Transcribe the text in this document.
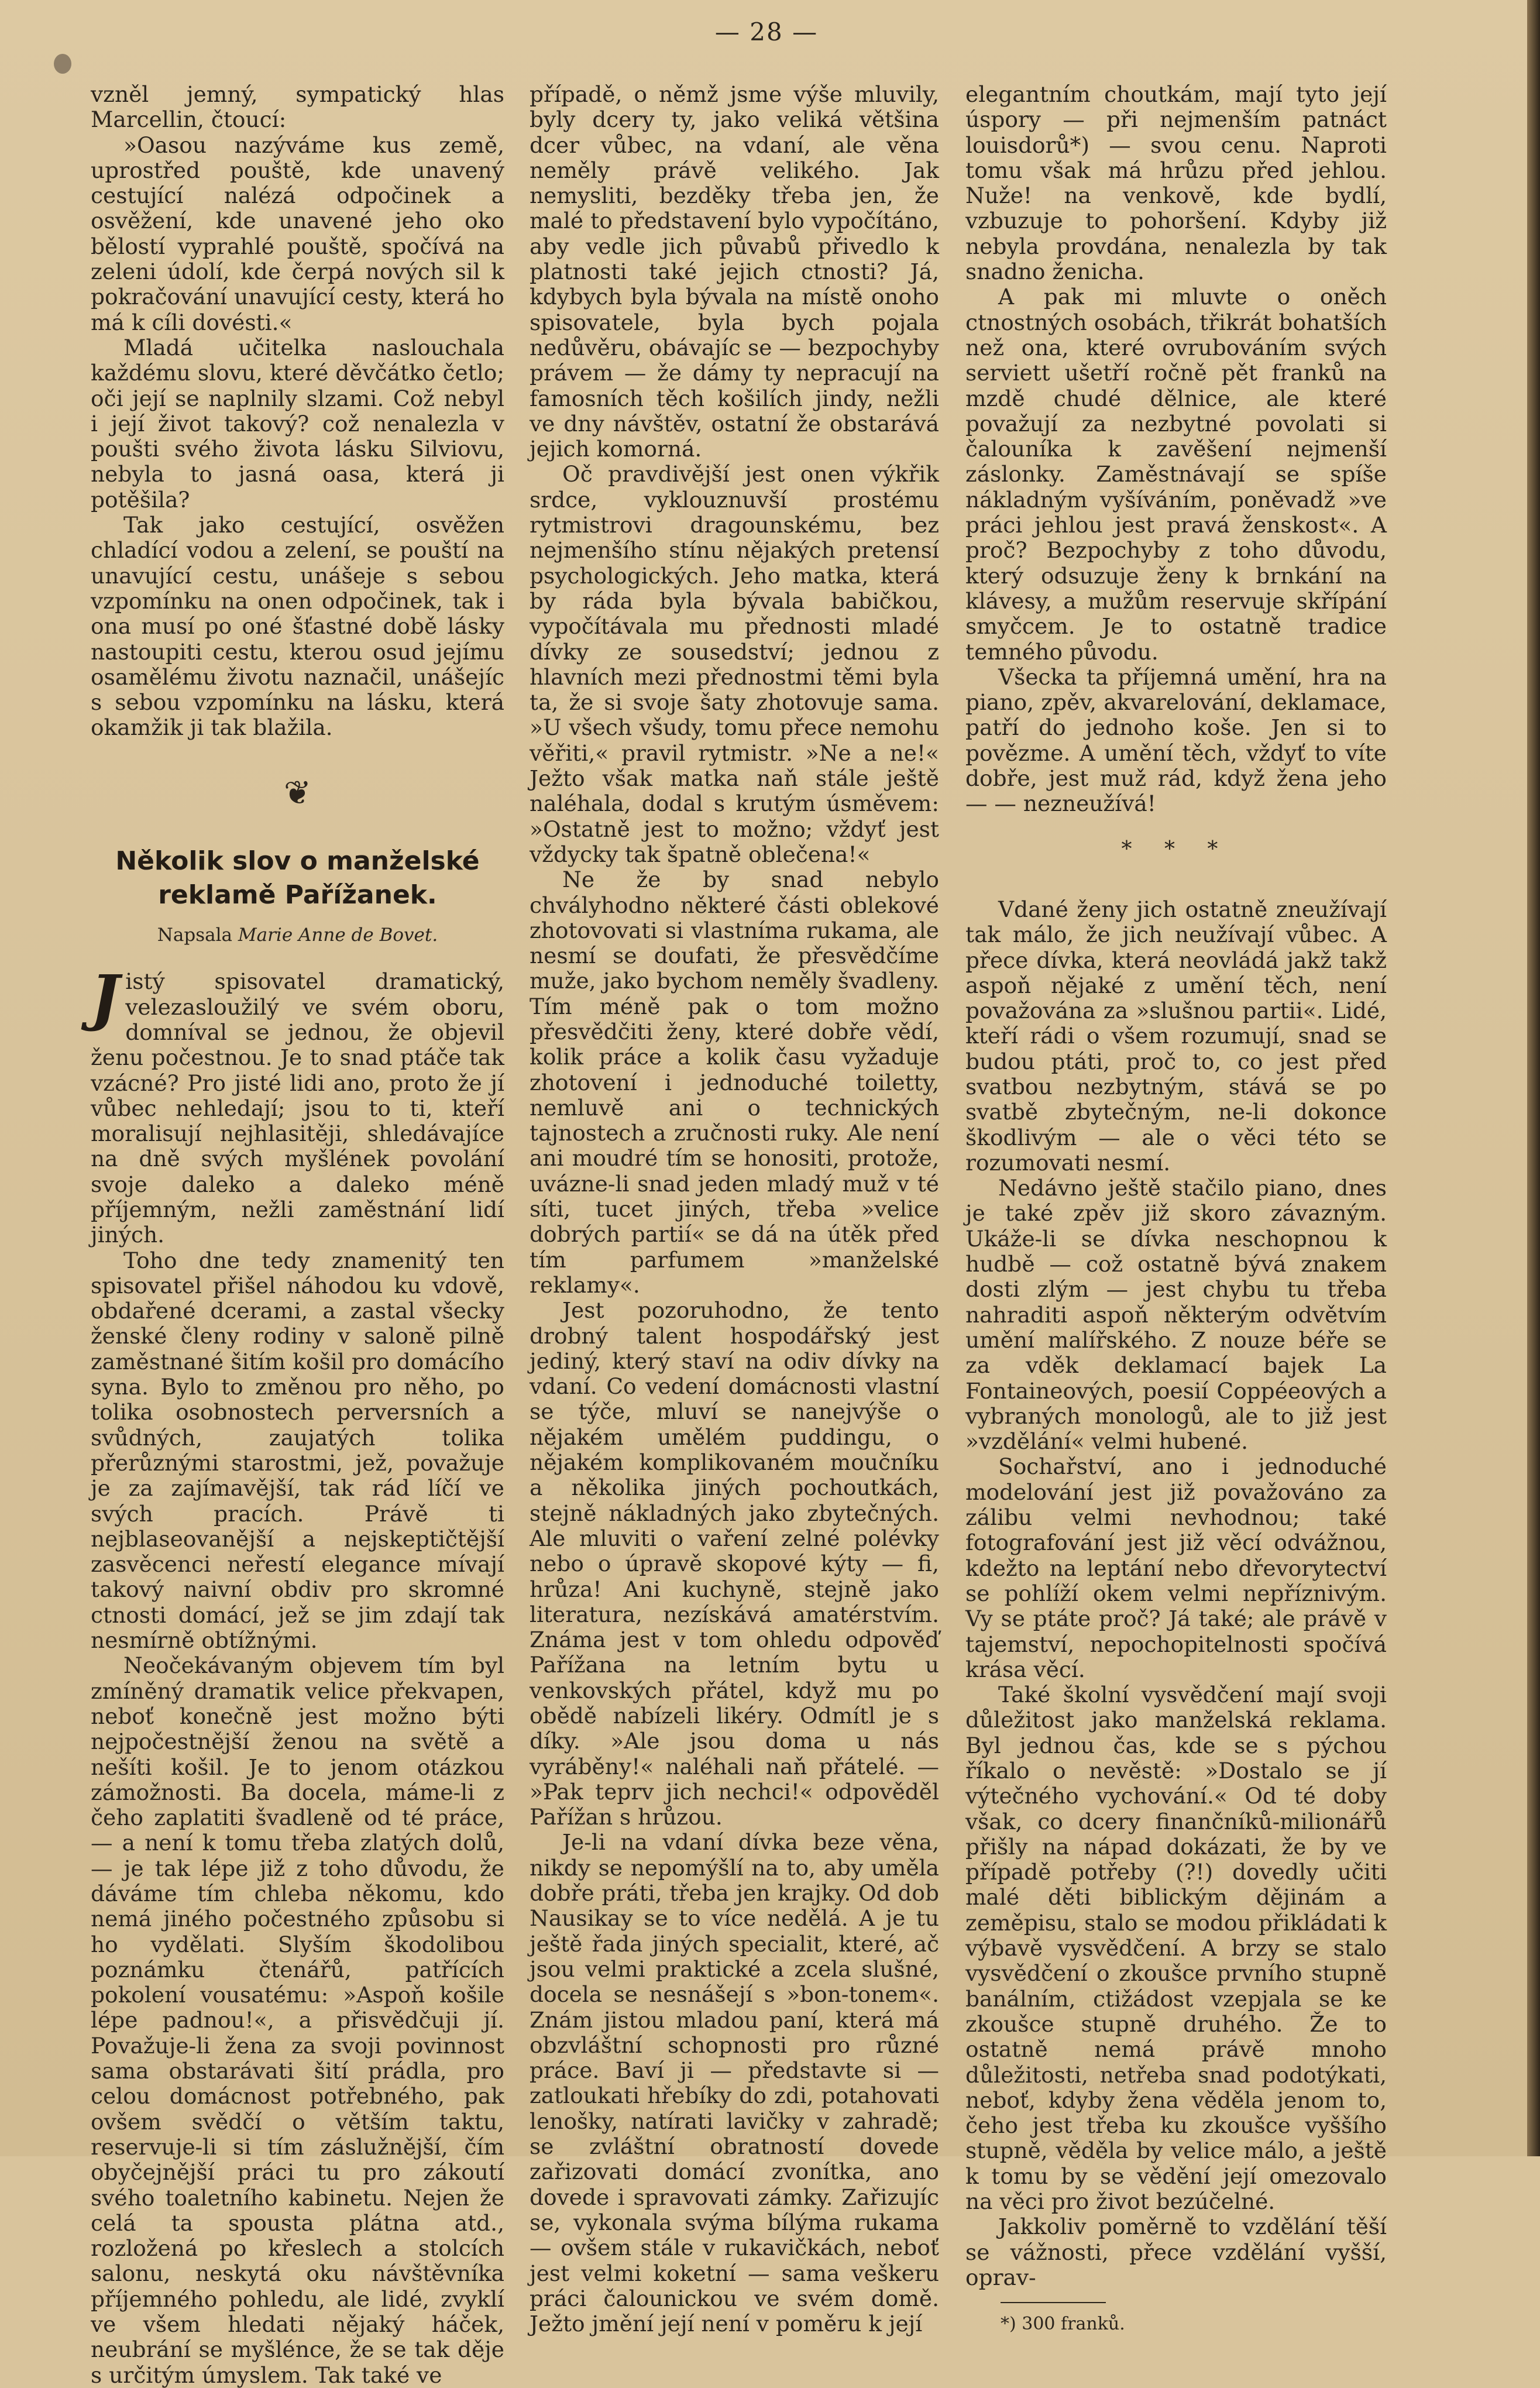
— 28 —

vzněl jemný, sympatický hlas Marcellin, čtoucí:

»Oasou nazýváme kus země, uprostřed pouště, kde unavený cestující nalézá odpočinek a osvěžení, kde unavené jeho oko bělostí vyprahlé pouště, spočívá na zeleni údolí, kde čerpá nových sil k pokračování unavující cesty, která ho má k cíli dovésti.«

Mladá učitelka naslouchala každému slovu, které děvčátko četlo; oči její se naplnily slzami. Což nebyl i její život takový? což nenalezla v poušti svého života lásku Silviovu, nebyla to jasná oasa, která ji potěšila?

Tak jako cestující, osvěžen chladící vodou a zelení, se pouští na unavující cestu, unášeje s sebou vzpomínku na onen odpočinek, tak i ona musí po oné šťastné době lásky nastoupiti cestu, kterou osud jejímu osamělému životu naznačil, unášejíc s sebou vzpomínku na lásku, která okamžik ji tak blažila.

❦
Několik slov o manželské reklamě Pařížanek.
Napsala Marie Anne de Bovet.

Jistý spisovatel dramatický, velezasloužilý ve svém oboru, domníval se jednou, že objevil ženu počestnou. Je to snad ptáče tak vzácné? Pro jisté lidi ano, proto že jí vůbec nehledají; jsou to ti, kteří moralisují nejhlasitěji, shledávajíce na dně svých myšlének povolání svoje daleko a daleko méně příjemným, nežli zaměstnání lidí jiných.

Toho dne tedy znamenitý ten spisovatel přišel náhodou ku vdově, obdařené dcerami, a zastal všecky ženské členy rodiny v saloně pilně zaměstnané šitím košil pro domácího syna. Bylo to změnou pro něho, po tolika osobnostech perversních a svůdných, zaujatých tolika přerůznými starostmi, jež, považuje je za zajímavější, tak rád líčí ve svých pracích. Právě ti nejblaseovanější a nejskeptičtější zasvěcenci neřestí elegance mívají takový naivní obdiv pro skromné ctnosti domácí, jež se jim zdají tak nesmírně obtížnými.

Neočekávaným objevem tím byl zmíněný dramatik velice překvapen, neboť konečně jest možno býti nejpočestnější ženou na světě a nešíti košil. Je to jenom otázkou zámožnosti. Ba docela, máme-li z čeho zaplatiti švadleně od té práce, — a není k tomu třeba zlatých dolů, — je tak lépe již z toho důvodu, že dáváme tím chleba někomu, kdo nemá jiného počestného způsobu si ho vydělati. Slyším škodolibou poznámku čtenářů, patřících pokolení vousatému: »Aspoň košile lépe padnou!«, a přisvědčuji jí. Považuje-li žena za svoji povinnost sama obstarávati šití prádla, pro celou domácnost potřebného, pak ovšem svědčí o větším taktu, reservuje-li si tím záslužnější, čím obyčejnější práci tu pro zákoutí svého toaletního kabinetu. Nejen že celá ta spousta plátna atd., rozložená po křeslech a stolcích salonu, neskytá oku návštěvníka příjemného pohledu, ale lidé, zvyklí ve všem hledati nějaký háček, neubrání se myšlénce, že se tak děje s určitým úmyslem. Tak také ve

případě, o němž jsme výše mluvily, byly dcery ty, jako veliká většina dcer vůbec, na vdaní, ale věna neměly právě velikého. Jak nemysliti, bezděky třeba jen, že malé to představení bylo vypočítáno, aby vedle jich půvabů přivedlo k platnosti také jejich ctnosti? Já, kdybych byla bývala na místě onoho spisovatele, byla bych pojala nedůvěru, obávajíc se — bezpochyby právem — že dámy ty nepracují na famosních těch košilích jindy, nežli ve dny návštěv, ostatní že obstarává jejich komorná.

Oč pravdivější jest onen výkřik srdce, vyklouznuvší prostému rytmistrovi dragounskému, bez nejmenšího stínu nějakých pretensí psychologických. Jeho matka, která by ráda byla bývala babičkou, vypočítávala mu přednosti mladé dívky ze sousedství; jednou z hlavních mezi přednostmi těmi byla ta, že si svoje šaty zhotovuje sama. »U všech všudy, tomu přece nemohu věřiti,« pravil rytmistr. »Ne a ne!« Ježto však matka naň stále ještě naléhala, dodal s krutým úsměvem: »Ostatně jest to možno; vždyť jest vždycky tak špatně oblečena!«

Ne že by snad nebylo chvályhodno některé části oblekové zhotovovati si vlastníma rukama, ale nesmí se doufati, že přesvědčíme muže, jako bychom neměly švadleny. Tím méně pak o tom možno přesvědčiti ženy, které dobře vědí, kolik práce a kolik času vyžaduje zhotovení i jednoduché toiletty, nemluvě ani o technických tajnostech a zručnosti ruky. Ale není ani moudré tím se honositi, protože, uvázne-li snad jeden mladý muž v té síti, tucet jiných, třeba »velice dobrých partií« se dá na útěk před tím parfumem »manželské reklamy«.

Jest pozoruhodno, že tento drobný talent hospodářský jest jediný, který staví na odiv dívky na vdaní. Co vedení domácnosti vlastní se týče, mluví se nanejvýše o nějakém umělém puddingu, o nějakém komplikovaném moučníku a několika jiných pochoutkách, stejně nákladných jako zbytečných. Ale mluviti o vaření zelné polévky nebo o úpravě skopové kýty — fi, hrůza! Ani kuchyně, stejně jako literatura, nezískává amatérstvím. Známa jest v tom ohledu odpověď Pařížana na letním bytu u venkovských přátel, když mu po obědě nabízeli likéry. Odmítl je s díky. »Ale jsou doma u nás vyráběny!« naléhali naň přátelé. — »Pak teprv jich nechci!« odpověděl Pařížan s hrůzou.

Je-li na vdaní dívka beze věna, nikdy se nepomýšlí na to, aby uměla dobře práti, třeba jen krajky. Od dob Nausikay se to více nedělá. A je tu ještě řada jiných specialit, které, ač jsou velmi praktické a zcela slušné, docela se nesnášejí s »bon-tonem«. Znám jistou mladou paní, která má obzvláštní schopnosti pro různé práce. Baví ji — představte si — zatloukati hřebíky do zdi, potahovati lenošky, natírati lavičky v zahradě; se zvláštní obratností dovede zařizovati domácí zvonítka, ano dovede i spravovati zámky. Zařizujíc se, vykonala svýma bílýma rukama — ovšem stále v rukavičkách, neboť jest velmi koketní — sama veškeru práci čalounickou ve svém domě. Ježto jmění její není v poměru k její

elegantním choutkám, mají tyto její úspory — při nejmenším patnáct louisdorů*) — svou cenu. Naproti tomu však má hrůzu před jehlou. Nuže! na venkově, kde bydlí, vzbuzuje to pohoršení. Kdyby již nebyla provdána, nenalezla by tak snadno ženicha.

A pak mi mluvte o oněch ctnostných osobách, třikrát bohatších než ona, které ovrubováním svých serviett ušetří ročně pět franků na mzdě chudé dělnice, ale které považují za nezbytné povolati si čalouníka k zavěšení nejmenší záslonky. Zaměstnávají se spíše nákladným vyšíváním, poněvadž »ve práci jehlou jest pravá ženskost«. A proč? Bezpochyby z toho důvodu, který odsuzuje ženy k brnkání na klávesy, a mužům reservuje skřípání smyčcem. Je to ostatně tradice temného původu.

Všecka ta příjemná umění, hra na piano, zpěv, akvarelování, deklamace, patří do jednoho koše. Jen si to povězme. A umění těch, vždyť to víte dobře, jest muž rád, když žena jeho — — nezneužívá!

* * *

Vdané ženy jich ostatně zneužívají tak málo, že jich neužívají vůbec. A přece dívka, která neovládá jakž takž aspoň nějaké z umění těch, není považována za »slušnou partii«. Lidé, kteří rádi o všem rozumují, snad se budou ptáti, proč to, co jest před svatbou nezbytným, stává se po svatbě zbytečným, ne-li dokonce škodlivým — ale o věci této se rozumovati nesmí.

Nedávno ještě stačilo piano, dnes je také zpěv již skoro závazným. Ukáže-li se dívka neschopnou k hudbě — což ostatně bývá znakem dosti zlým — jest chybu tu třeba nahraditi aspoň některým odvětvím umění malířského. Z nouze béře se za vděk deklamací bajek La Fontaineových, poesií Coppéeových a vybraných monologů, ale to již jest »vzdělání« velmi hubené.

Sochařství, ano i jednoduché modelování jest již považováno za zálibu velmi nevhodnou; také fotografování jest již věcí odvážnou, kdežto na leptání nebo dřevorytectví se pohlíží okem velmi nepříznivým. Vy se ptáte proč? Já také; ale právě v tajemství, nepochopitelnosti spočívá krása věcí.

Také školní vysvědčení mají svoji důležitost jako manželská reklama. Byl jednou čas, kde se s pýchou říkalo o nevěstě: »Dostalo se jí výtečného vychování.« Od té doby však, co dcery finančníků-milionářů přišly na nápad dokázati, že by ve případě potřeby (?!) dovedly učiti malé děti biblickým dějinám a zeměpisu, stalo se modou přikládati k výbavě vysvědčení. A brzy se stalo vysvědčení o zkoušce prvního stupně banálním, ctižádost vzepjala se ke zkoušce stupně druhého. Že to ostatně nemá právě mnoho důležitosti, netřeba snad podotýkati, neboť, kdyby žena věděla jenom to, čeho jest třeba ku zkoušce vyššího stupně, věděla by velice málo, a ještě k tomu by se vědění její omezovalo na věci pro život bezúčelné.

Jakkoliv poměrně to vzdělání těší se vážnosti, přece vzdělání vyšší, oprav-

*) 300 franků.
